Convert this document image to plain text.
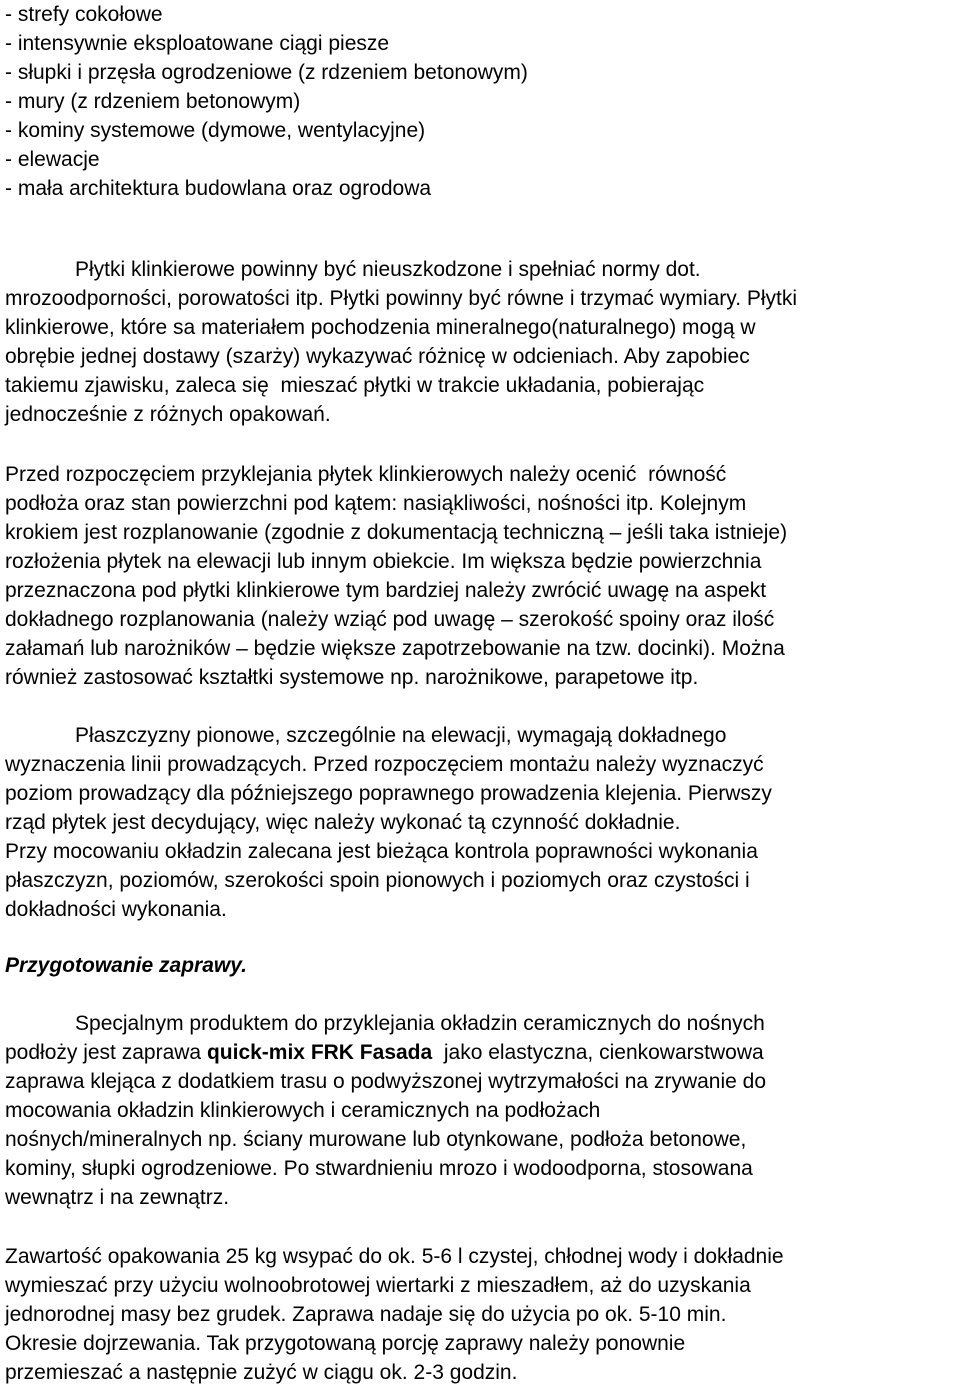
- strefy cokołowe
- intensywnie eksploatowane ciągi piesze
- słupki i przęsła ogrodzeniowe (z rdzeniem betonowym)
- mury (z rdzeniem betonowym)
- kominy systemowe (dymowe, wentylacyjne)
- elewacje
- mała architektura budowlana oraz ogrodowa
Płytki klinkierowe powinny być nieuszkodzone i spełniać normy dot.
mrozoodporności, porowatości itp. Płytki powinny być równe i trzymać wymiary. Płytki
klinkierowe, które sa materiałem pochodzenia mineralnego(naturalnego) mogą w
obrębie jednej dostawy (szarży) wykazywać różnicę w odcieniach. Aby zapobiec
takiemu zjawisku, zaleca się  mieszać płytki w trakcie układania, pobierając
jednocześnie z różnych opakowań.
Przed rozpoczęciem przyklejania płytek klinkierowych należy ocenić  równość
podłoża oraz stan powierzchni pod kątem: nasiąkliwości, nośności itp. Kolejnym
krokiem jest rozplanowanie (zgodnie z dokumentacją techniczną – jeśli taka istnieje)
rozłożenia płytek na elewacji lub innym obiekcie. Im większa będzie powierzchnia
przeznaczona pod płytki klinkierowe tym bardziej należy zwrócić uwagę na aspekt
dokładnego rozplanowania (należy wziąć pod uwagę – szerokość spoiny oraz ilość
załamań lub narożników – będzie większe zapotrzebowanie na tzw. docinki). Można
również zastosować kształtki systemowe np. narożnikowe, parapetowe itp.
Płaszczyzny pionowe, szczególnie na elewacji, wymagają dokładnego
wyznaczenia linii prowadzących. Przed rozpoczęciem montażu należy wyznaczyć
poziom prowadzący dla późniejszego poprawnego prowadzenia klejenia. Pierwszy
rząd płytek jest decydujący, więc należy wykonać tą czynność dokładnie.
Przy mocowaniu okładzin zalecana jest bieżąca kontrola poprawności wykonania
płaszczyzn, poziomów, szerokości spoin pionowych i poziomych oraz czystości i
dokładności wykonania.
Przygotowanie zaprawy.
Specjalnym produktem do przyklejania okładzin ceramicznych do nośnych
podłoży jest zaprawa quick-mix FRK Fasada  jako elastyczna, cienkowarstwowa
zaprawa klejąca z dodatkiem trasu o podwyższonej wytrzymałości na zrywanie do
mocowania okładzin klinkierowych i ceramicznych na podłożach
nośnych/mineralnych np. ściany murowane lub otynkowane, podłoża betonowe,
kominy, słupki ogrodzeniowe. Po stwardnieniu mrozo i wodoodporna, stosowana
wewnątrz i na zewnątrz.
Zawartość opakowania 25 kg wsypać do ok. 5-6 l czystej, chłodnej wody i dokładnie
wymieszać przy użyciu wolnoobrotowej wiertarki z mieszadłem, aż do uzyskania
jednorodnej masy bez grudek. Zaprawa nadaje się do użycia po ok. 5-10 min.
Okresie dojrzewania. Tak przygotowaną porcję zaprawy należy ponownie
przemieszać a następnie zużyć w ciągu ok. 2-3 godzin.
